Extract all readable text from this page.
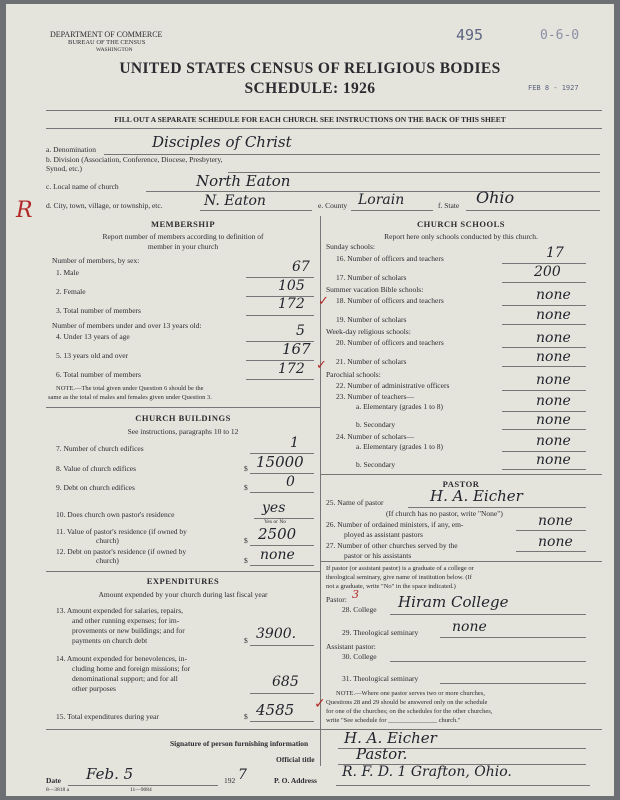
DEPARTMENT OF COMMERCE
BUREAU OF THE CENSUS
WASHINGTON
495	0-6-0
FEB 8 - 1927
UNITED STATES CENSUS OF RELIGIOUS BODIES
SCHEDULE: 1926
FILL OUT A SEPARATE SCHEDULE FOR EACH CHURCH. SEE INSTRUCTIONS ON THE BACK OF THIS SHEET
a. Denomination	Disciples of Christ
b. Division (Association, Conference, Diocese, Presbytery, Synod, etc.)
c. Local name of church	North Eaton
d. City, town, village, or township, etc.	N. Eaton	e. County Lorain	f. State Ohio
R
MEMBERSHIP
Report number of members according to definition of
member in your church
Number of members, by sex:
1. Male	67
2. Female	105
3. Total number of members	172 ✓
Number of members under and over 13 years old:
4. Under 13 years of age	5
5. 13 years old and over	167
6. Total number of members	172 ✓
NOTE.—The total given under Question 6 should be the
same as the total of males and females given under Question 3.
CHURCH BUILDINGS
See instructions, paragraphs 10 to 12
7. Number of church edifices	1
8. Value of church edifices	$ 15000
9. Debt on church edifices	$	0
10. Does church own pastor's residence	yes
Yes or No
11. Value of pastor's residence (if owned by
church)	$ 2500
12. Debt on pastor's residence (if owned by
church)	$ none
EXPENDITURES
Amount expended by your church during last fiscal year
13. Amount expended for salaries, repairs,
and other running expenses; for im-
provements or new buildings; and for
payments on church debt	$ 3900.
14. Amount expended for benevolences, in-
cluding home and foreign missions; for
denominational support; and for all
other purposes	685
15. Total expenditures during year	$ 4585 ✓
CHURCH SCHOOLS
Report here only schools conducted by this church.
Sunday schools:
16. Number of officers and teachers	17
17. Number of scholars	200
Summer vacation Bible schools:
18. Number of officers and teachers	none
19. Number of scholars	none
Week-day religious schools:
20. Number of officers and teachers	none
21. Number of scholars	none
Parochial schools:
22. Number of administrative officers	none
23. Number of teachers—
a. Elementary (grades 1 to 8)	none
b. Secondary	none
24. Number of scholars—
a. Elementary (grades 1 to 8)	none
b. Secondary	none
PASTOR
25. Name of pastor	H. A. Eicher
(If church has no pastor, write "None")
26. Number of ordained ministers, if any, em-
ployed as assistant pastors
none
27. Number of other churches served by the
pastor or his assistants
none
If pastor (or assistant pastor) is a graduate of a college or
theological seminary, give name of institution below. (If
not a graduate, write "No" in the space indicated.)
Pastor: 3
28. College Hiram College
29. Theological seminary none
Assistant pastor:
30. College
31. Theological seminary
NOTE.—Where one pastor serves two or more churches,
Questions 28 and 29 should be answered only on the schedule
for one of the churches; on the schedules for the other churches,
write "See schedule for _______________ church."
Signature of person furnishing information H. A. Eicher
Official title	Pastor.
Date Feb. 5	192 7	P. O. Address
R. F. D. 1 Grafton, Ohio.
8—3818 a	11—9084
